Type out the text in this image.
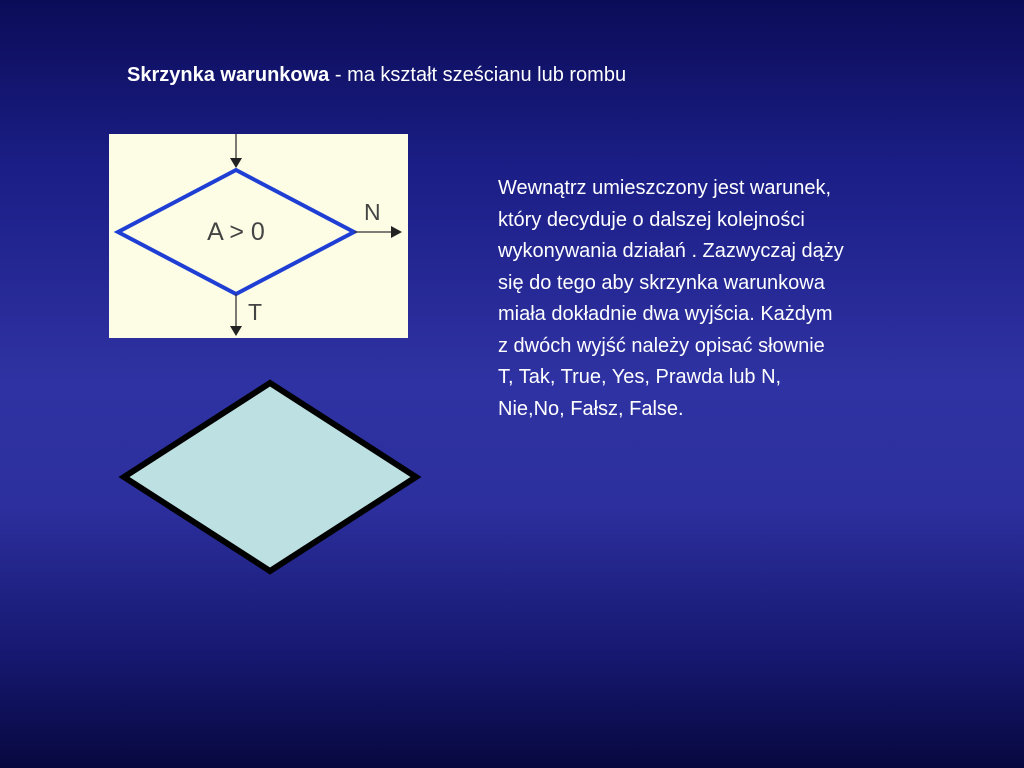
Skrzynka warunkowa - ma kształt sześcianu lub rombu
A > 0
N
T
Wewnątrz umieszczony jest warunek,
który decyduje o dalszej kolejności
wykonywania działań . Zazwyczaj dąży
się do tego aby skrzynka warunkowa
miała dokładnie dwa wyjścia. Każdym
z dwóch wyjść należy opisać słownie
T, Tak, True, Yes, Prawda lub N,
Nie,No, Fałsz, False.
